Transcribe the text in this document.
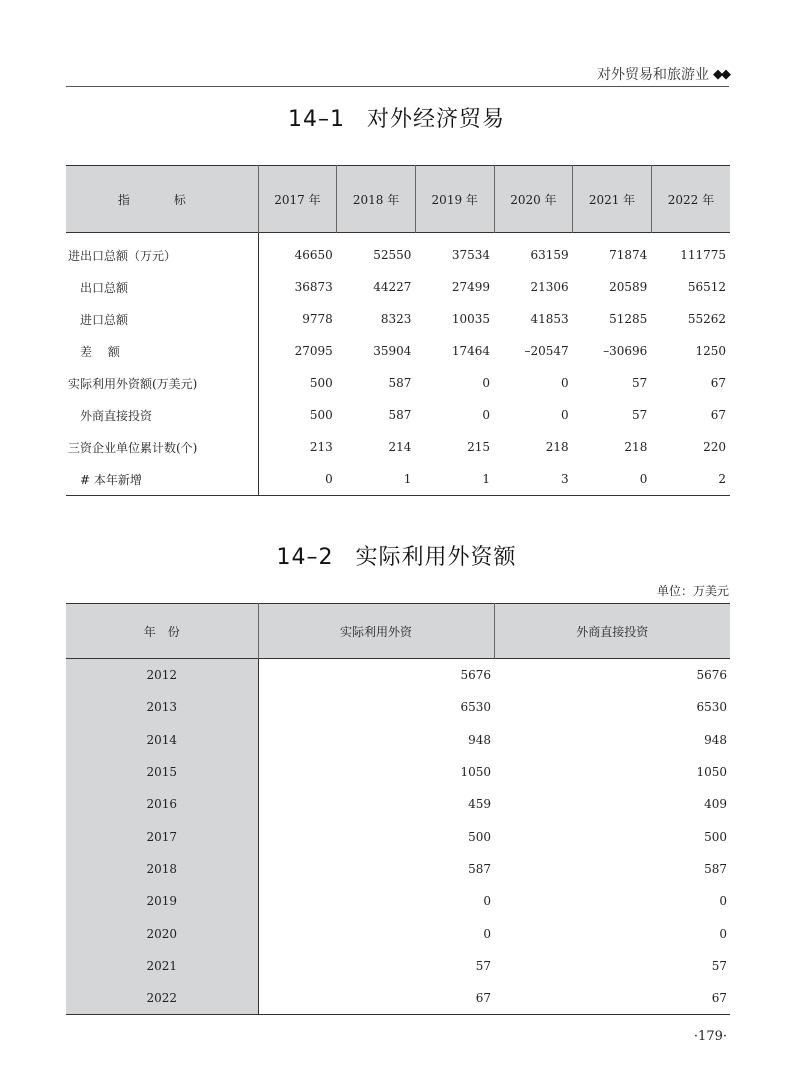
对外贸易和旅游业 ◆◆
14–1 对外经济贸易
指 标	2017 年	2018 年	2019 年	2020 年	2021 年	2022 年
进出口总额（万元）	46650	52550	37534	63159	71874	111775
　出口总额	36873	44227	27499	21306	20589	56512
　进口总额	9778	8323	10035	41853	51285	55262
　差　 额	27095	35904	17464	–20547	–30696	1250
实际利用外资额(万美元)	500	587	0	0	57	67
　外商直接投资	500	587	0	0	57	67
三资企业单位累计数(个)	213	214	215	218	218	220
　# 本年新增	0	1	1	3	0	2
14–2 实际利用外资额
单位：万美元
年　份	实际利用外资	外商直接投资
2012	5676	5676
2013	6530	6530
2014	948	948
2015	1050	1050
2016	459	409
2017	500	500
2018	587	587
2019	0	0
2020	0	0
2021	57	57
2022	67	67
·179·
